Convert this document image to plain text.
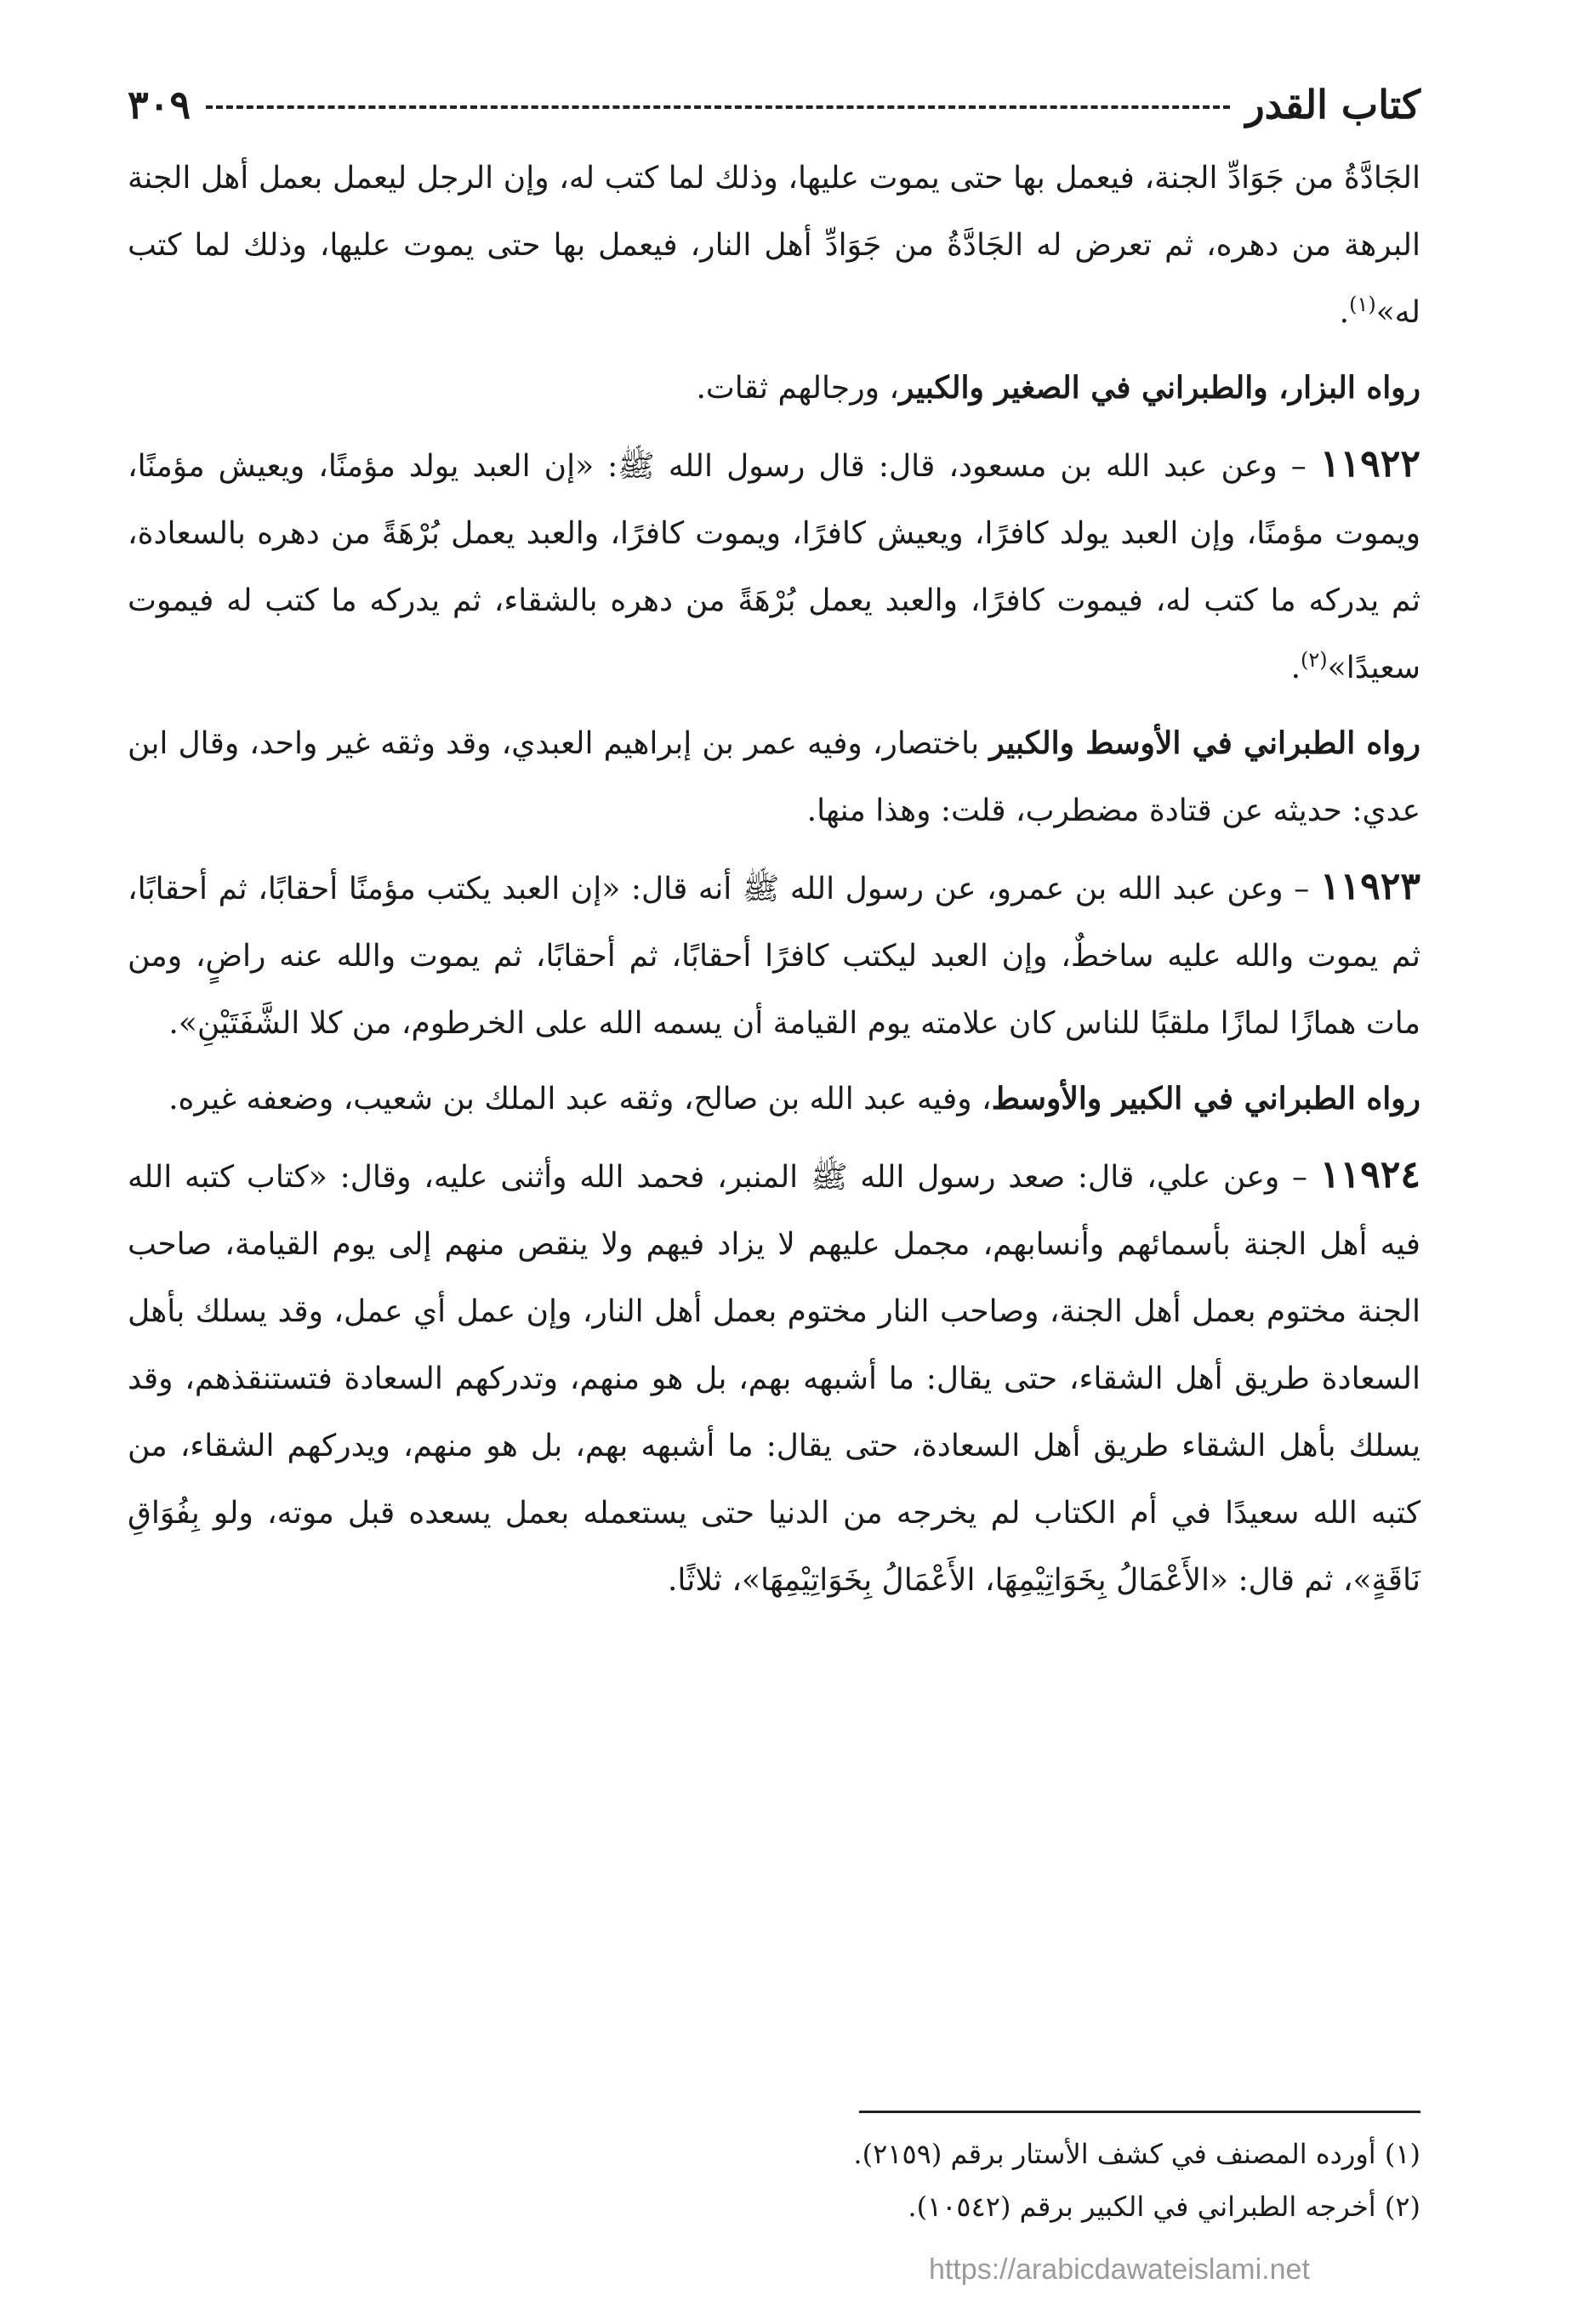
كتاب القدر
٣٠٩

الجَادَّةُ من جَوَادِّ الجنة، فيعمل بها حتى يموت عليها، وذلك لما كتب له، وإن الرجل ليعمل بعمل أهل الجنة البرهة من دهره، ثم تعرض له الجَادَّةُ من جَوَادِّ أهل النار، فيعمل بها حتى يموت عليها، وذلك لما كتب له»$^{(١)}$.

رواه البزار، والطبراني في الصغير والكبير، ورجالهم ثقات.

١١٩٢٢ – وعن عبد الله بن مسعود، قال: قال رسول الله ﷺ: «إن العبد يولد مؤمنًا، ويعيش مؤمنًا، ويموت مؤمنًا، وإن العبد يولد كافرًا، ويعيش كافرًا، ويموت كافرًا، والعبد يعمل بُرْهَةً من دهره بالسعادة، ثم يدركه ما كتب له، فيموت كافرًا، والعبد يعمل بُرْهَةً من دهره بالشقاء، ثم يدركه ما كتب له فيموت سعيدًا»$^{(٢)}$.

رواه الطبراني في الأوسط والكبير باختصار، وفيه عمر بن إبراهيم العبدي، وقد وثقه غير واحد، وقال ابن عدي: حديثه عن قتادة مضطرب، قلت: وهذا منها.

١١٩٢٣ – وعن عبد الله بن عمرو، عن رسول الله ﷺ أنه قال: «إن العبد يكتب مؤمنًا أحقابًا، ثم أحقابًا، ثم يموت والله عليه ساخطٌ، وإن العبد ليكتب كافرًا أحقابًا، ثم أحقابًا، ثم يموت والله عنه راضٍ، ومن مات همازًا لمازًا ملقبًا للناس كان علامته يوم القيامة أن يسمه الله على الخرطوم، من كلا الشَّفَتَيْنِ».

رواه الطبراني في الكبير والأوسط، وفيه عبد الله بن صالح، وثقه عبد الملك بن شعيب، وضعفه غيره.

١١٩٢٤ – وعن علي، قال: صعد رسول الله ﷺ المنبر، فحمد الله وأثنى عليه، وقال: «كتاب كتبه الله فيه أهل الجنة بأسمائهم وأنسابهم، مجمل عليهم لا يزاد فيهم ولا ينقص منهم إلى يوم القيامة، صاحب الجنة مختوم بعمل أهل الجنة، وصاحب النار مختوم بعمل أهل النار، وإن عمل أي عمل، وقد يسلك بأهل السعادة طريق أهل الشقاء، حتى يقال: ما أشبهه بهم، بل هو منهم، وتدركهم السعادة فتستنقذهم، وقد يسلك بأهل الشقاء طريق أهل السعادة، حتى يقال: ما أشبهه بهم، بل هو منهم، ويدركهم الشقاء، من كتبه الله سعيدًا في أم الكتاب لم يخرجه من الدنيا حتى يستعمله بعمل يسعده قبل موته، ولو بِفُوَاقِ نَاقَةٍ»، ثم قال: «الأَعْمَالُ بِخَوَاتِيْمِهَا، الأَعْمَالُ بِخَوَاتِيْمِهَا»، ثلاثًا.

(١) أورده المصنف في كشف الأستار برقم (٢١٥٩).

(٢) أخرجه الطبراني في الكبير برقم (١٠٥٤٢).

https://arabicdawateislami.net
